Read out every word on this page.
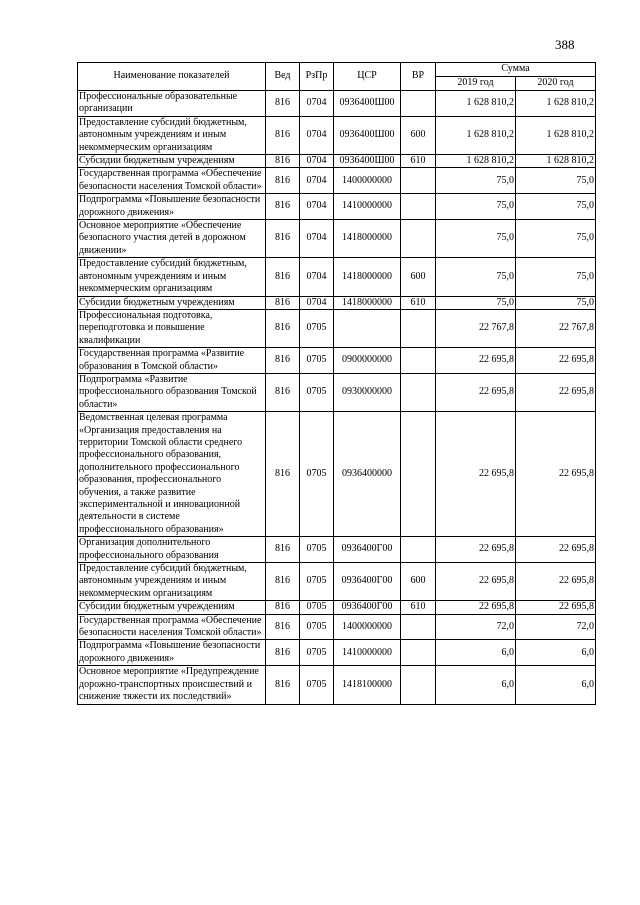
388
Наименование показателей	Вед	РзПр	ЦСР	ВР	Сумма	
					2019 год	2020 год
Профессиональные образовательные организации	816	0704	0936400Ш00		1 628 810,2	1 628 810,2
Предоставление субсидий бюджетным, автономным учреждениям и иным некоммерческим организациям	816	0704	0936400Ш00	600	1 628 810,2	1 628 810,2
Субсидии бюджетным учреждениям	816	0704	0936400Ш00	610	1 628 810,2	1 628 810,2
Государственная программа «Обеспечение безопасности населения Томской области»	816	0704	1400000000		75,0	75,0
Подпрограмма «Повышение безопасности дорожного движения»	816	0704	1410000000		75,0	75,0
Основное мероприятие «Обеспечение безопасного участия детей в дорожном движении»	816	0704	1418000000		75,0	75,0
Предоставление субсидий бюджетным, автономным учреждениям и иным некоммерческим организациям	816	0704	1418000000	600	75,0	75,0
Субсидии бюджетным учреждениям	816	0704	1418000000	610	75,0	75,0
Профессиональная подготовка, переподготовка и повышение квалификации	816	0705			22 767,8	22 767,8
Государственная программа «Развитие образования в Томской области»	816	0705	0900000000		22 695,8	22 695,8
Подпрограмма «Развитие профессионального образования Томской области»	816	0705	0930000000		22 695,8	22 695,8
Ведомственная целевая программа «Организация предоставления на территории Томской области среднего профессионального образования, дополнительного профессионального образования, профессионального обучения, а также развитие экспериментальной и инновационной деятельности в системе профессионального образования»	816	0705	0936400000		22 695,8	22 695,8
Организация дополнительного профессионального образования	816	0705	0936400Г00		22 695,8	22 695,8
Предоставление субсидий бюджетным, автономным учреждениям и иным некоммерческим организациям	816	0705	0936400Г00	600	22 695,8	22 695,8
Субсидии бюджетным учреждениям	816	0705	0936400Г00	610	22 695,8	22 695,8
Государственная программа «Обеспечение безопасности населения Томской области»	816	0705	1400000000		72,0	72,0
Подпрограмма «Повышение безопасности дорожного движения»	816	0705	1410000000		6,0	6,0
Основное мероприятие «Предупреждение дорожно-транспортных происшествий и снижение тяжести их последствий»	816	0705	1418100000		6,0	6,0
